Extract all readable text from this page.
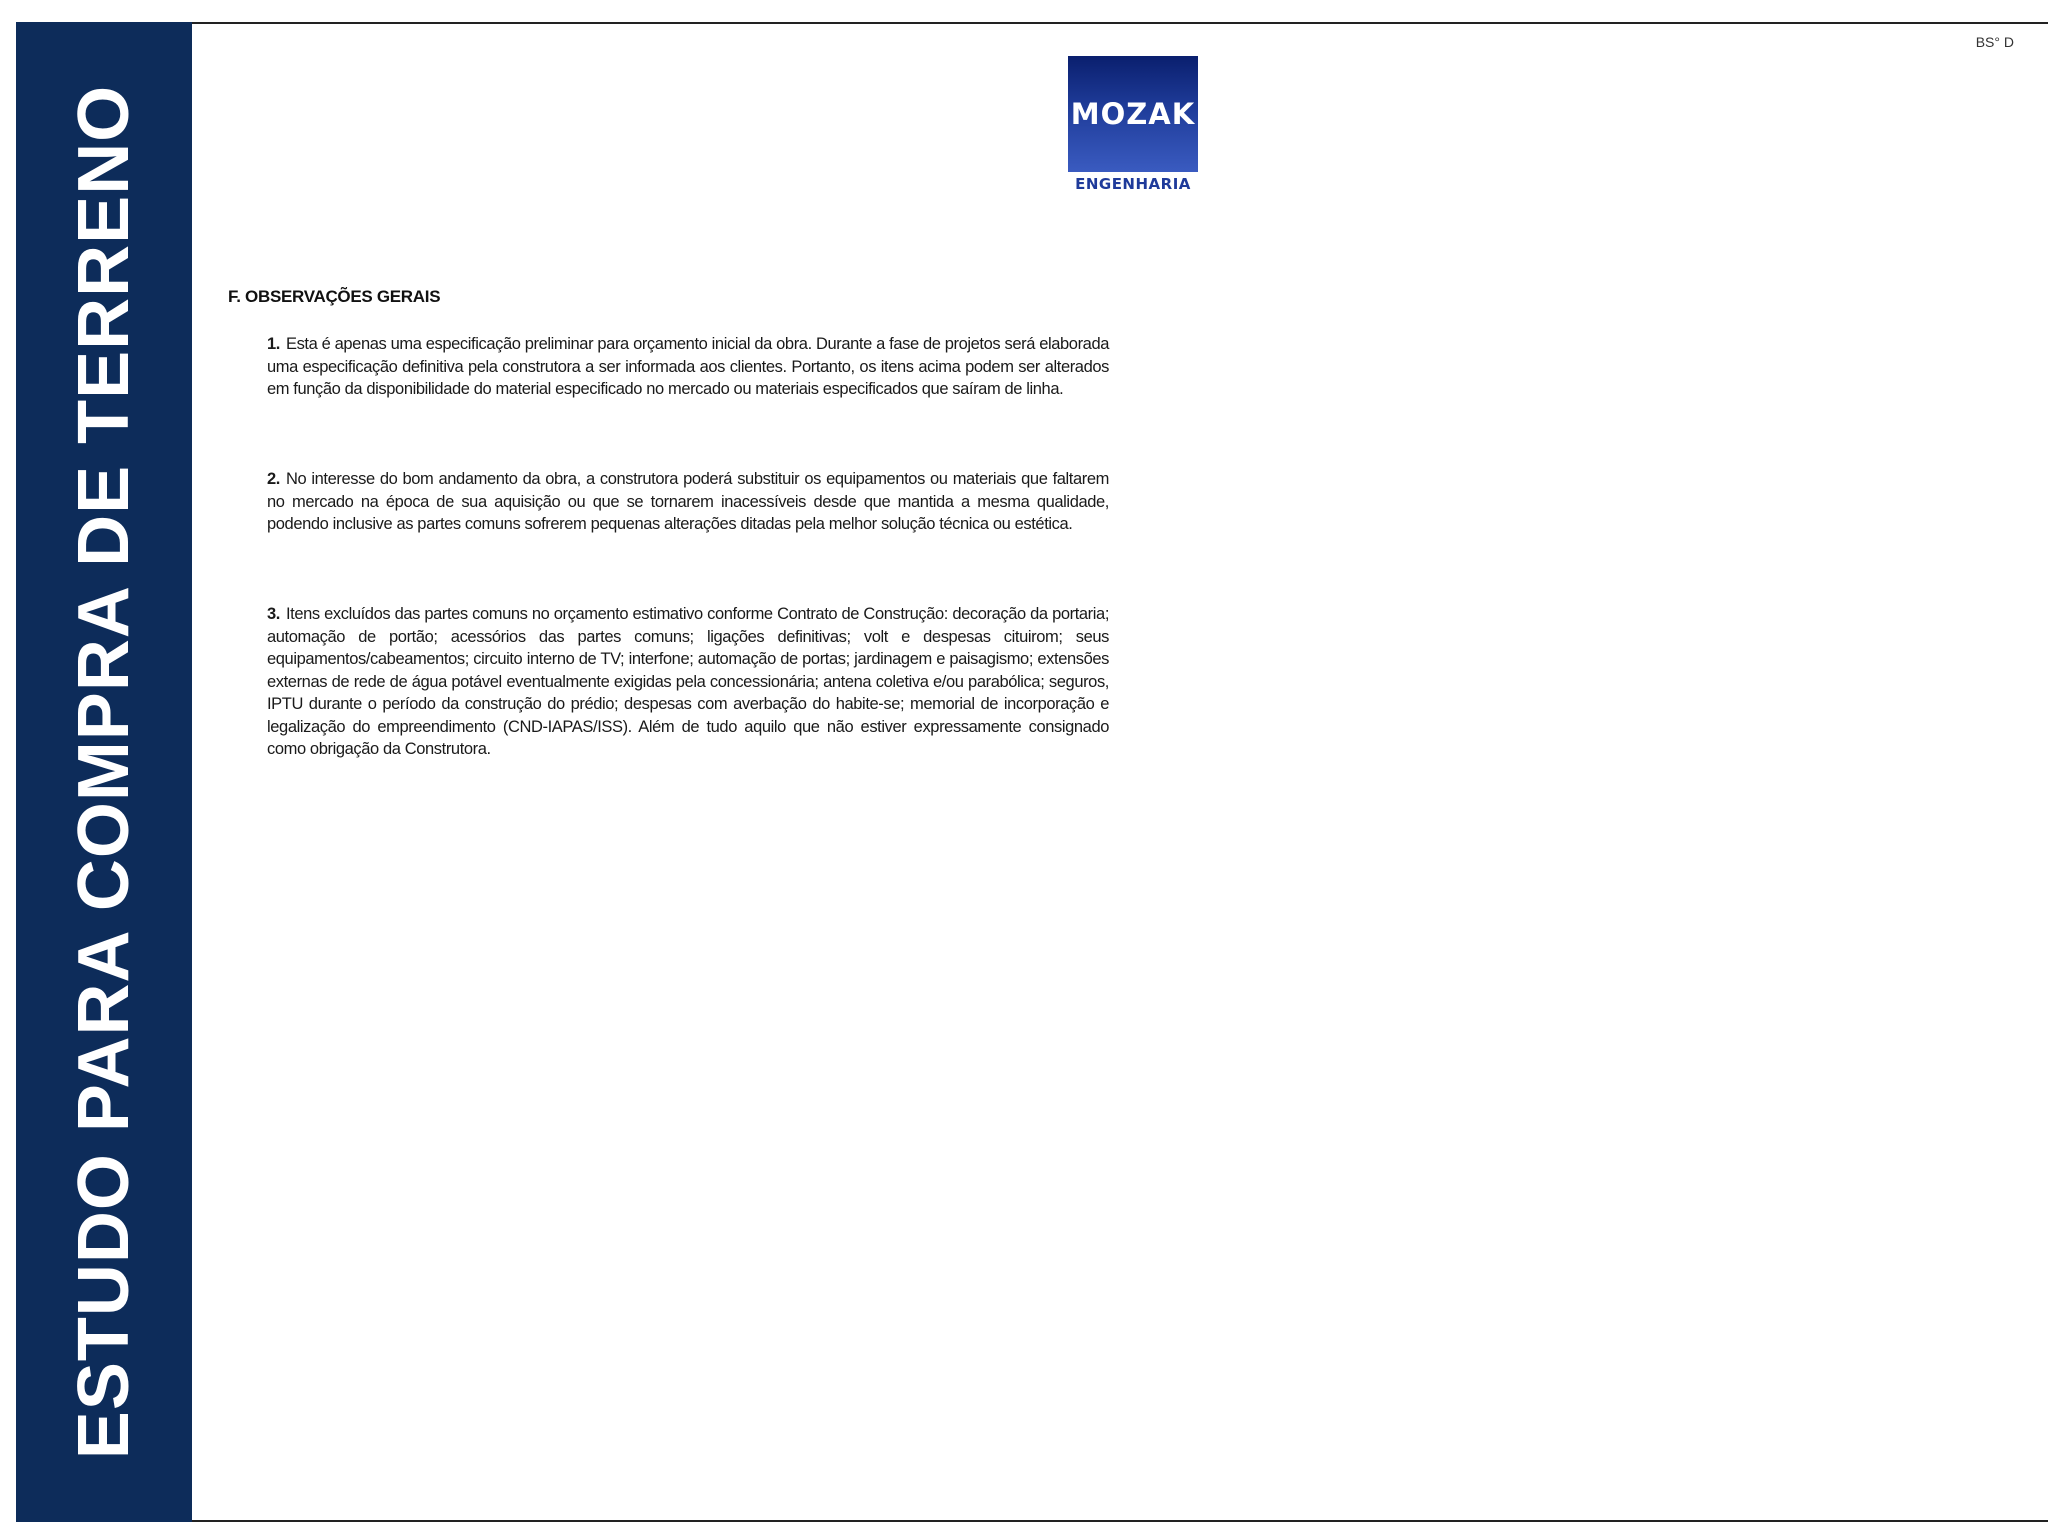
ESTUDO PARA COMPRA DE TERRENO
BS° D
MOZAK
ENGENHARIA
F. OBSERVAÇÕES GERAIS

1. Esta é apenas uma especificação preliminar para orçamento inicial da obra. Durante a fase de projetos será elaborada uma especificação definitiva pela construtora a ser informada aos clientes. Portanto, os itens acima podem ser alterados em função da disponibilidade do material especificado no mercado ou materiais especificados que saíram de linha.

2. No interesse do bom andamento da obra, a construtora poderá substituir os equipamentos ou materiais que faltarem no mercado na época de sua aquisição ou que se tornarem inacessíveis desde que mantida a mesma qualidade, podendo inclusive as partes comuns sofrerem pequenas alterações ditadas pela melhor solução técnica ou estética.

3. Itens excluídos das partes comuns no orçamento estimativo conforme Contrato de Construção: decoração da portaria; automação de portão; acessórios das partes comuns; ligações definitivas; volt e despesas cituirom; seus equipamentos/cabeamentos; circuito interno de TV; interfone; automação de portas; jardinagem e paisagismo; extensões externas de rede de água potável eventualmente exigidas pela concessionária; antena coletiva e/ou parabólica; seguros, IPTU durante o período da construção do prédio; despesas com averbação do habite-se; memorial de incorporação e legalização do empreendimento (CND-IAPAS/ISS). Além de tudo aquilo que não estiver expressamente consignado como obrigação da Construtora.
